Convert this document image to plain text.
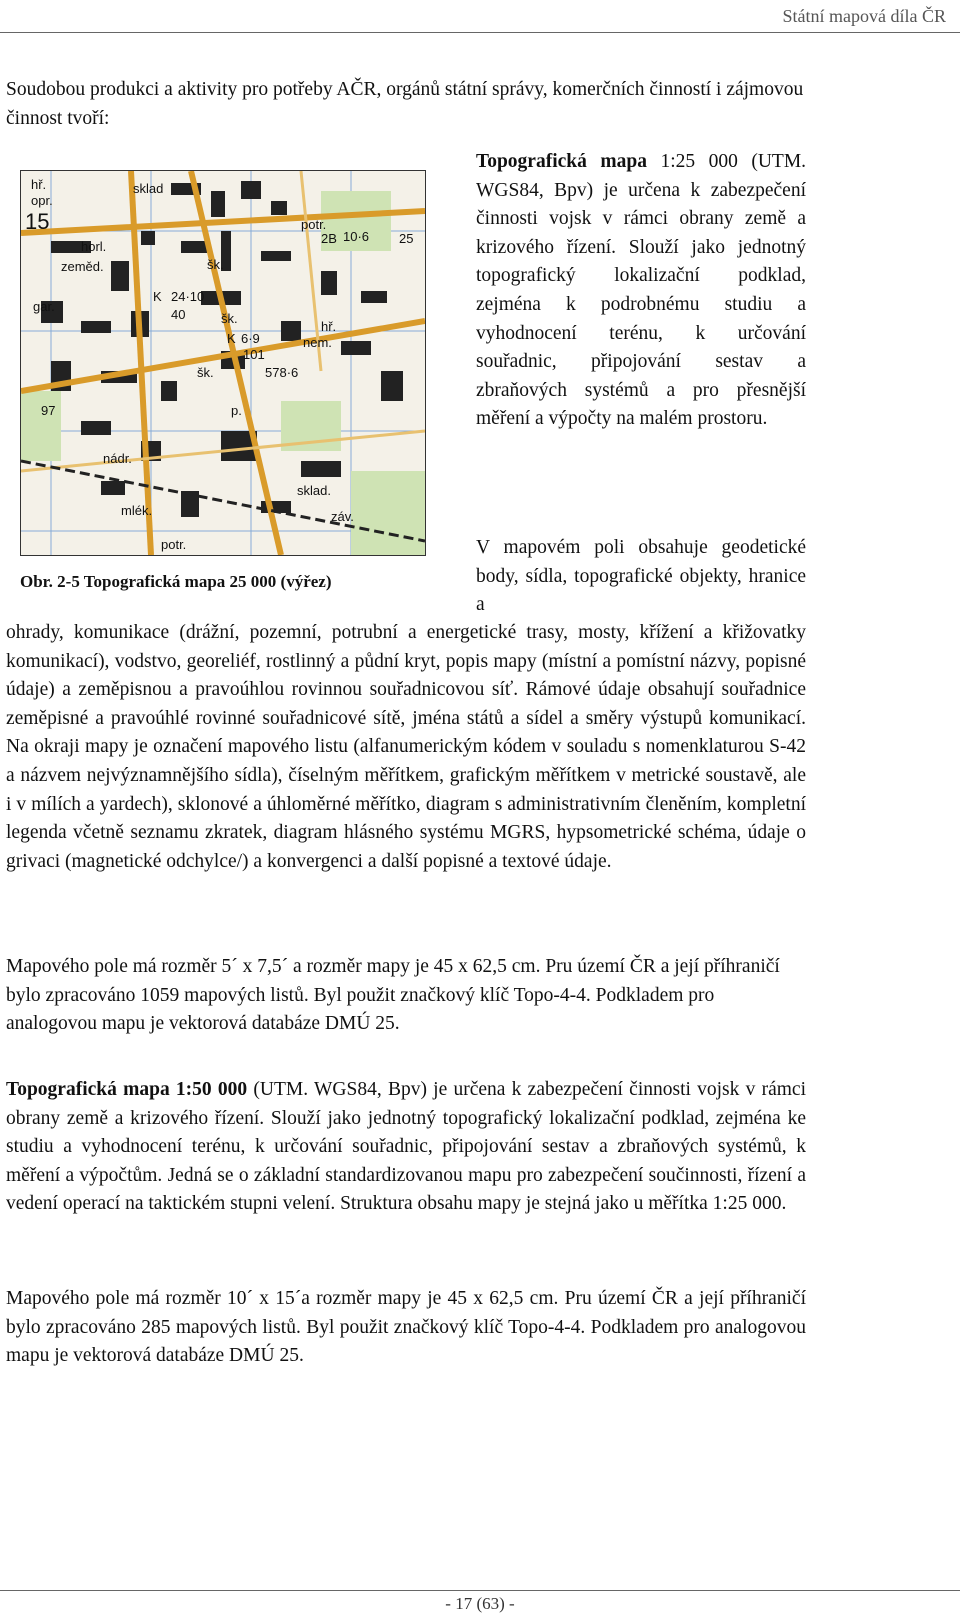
Státní mapová díla ČR
Soudobou produkci a aktivity pro potřeby AČR, orgánů státní správy, komerčních činností i zájmovou činnost tvoří:
hř.
opr.
sklad
15	potr.
10·6
2B	25
horl.
zeměd.	šk.
gar.
24·10
40
K
šk.
hř.
6·9
101
K	nem.
578·6
šk.
p.
97
nádr.
sklad.
mlék.	záv.
potr.
Obr. 2-5 Topografická mapa 25 000 (výřez)
Topografická mapa 1:25 000 (UTM. WGS84, Bpv) je určena k zabezpečení činnosti vojsk v rámci obrany země a krizového řízení. Slouží jako jednotný topografický lokalizační podklad, zejména k podrobnému studiu a vyhodnocení terénu, k určování souřadnic, připojování sestav a zbraňových systémů a pro přesnější měření a výpočty na malém prostoru.
V mapovém poli obsahuje geodetické body, sídla, topografické objekty, hranice a
ohrady, komunikace (drážní, pozemní, potrubní a energetické trasy, mosty, křížení a křižovatky komunikací), vodstvo, georeliéf, rostlinný a půdní kryt, popis mapy (místní a pomístní názvy, popisné údaje) a zeměpisnou a pravoúhlou rovinnou souřadnicovou síť. Rámové údaje obsahují souřadnice zeměpisné a pravoúhlé rovinné souřadnicové sítě, jména států a sídel a směry výstupů komunikací. Na okraji mapy je označení mapového listu (alfanumerickým kódem v souladu s nomenklaturou S-42 a názvem nejvýznamnějšího sídla), číselným měřítkem, grafickým měřítkem v metrické soustavě, ale i v mílích a yardech), sklonové a úhloměrné měřítko, diagram s administrativním členěním, kompletní legenda včetně seznamu zkratek, diagram hlásného systému MGRS, hypsometrické schéma, údaje o grivaci (magnetické odchylce/) a konvergenci a další popisné a textové údaje.
Mapového pole má rozměr 5´ x 7,5´ a rozměr mapy je 45 x 62,5 cm. Pru území ČR a její příhraničí bylo zpracováno 1059 mapových listů. Byl použit značkový klíč Topo-4-4. Podkladem pro analogovou mapu je vektorová databáze DMÚ 25.
Topografická mapa 1:50 000 (UTM. WGS84, Bpv) je určena k zabezpečení činnosti vojsk v rámci obrany země a krizového řízení. Slouží jako jednotný topografický lokalizační podklad, zejména ke studiu a vyhodnocení terénu, k určování souřadnic, připojování sestav a zbraňových systémů, k měření a výpočtům. Jedná se o základní standardizovanou mapu pro zabezpečení součinnosti, řízení a vedení operací na taktickém stupni velení. Struktura obsahu mapy je stejná jako u měřítka 1:25 000.
Mapového pole má rozměr 10´ x 15´a rozměr mapy je 45 x 62,5 cm. Pru území ČR a její příhraničí bylo zpracováno 285 mapových listů. Byl použit značkový klíč Topo-4-4. Podkladem pro analogovou mapu je vektorová databáze DMÚ 25.
- 17 (63) -
